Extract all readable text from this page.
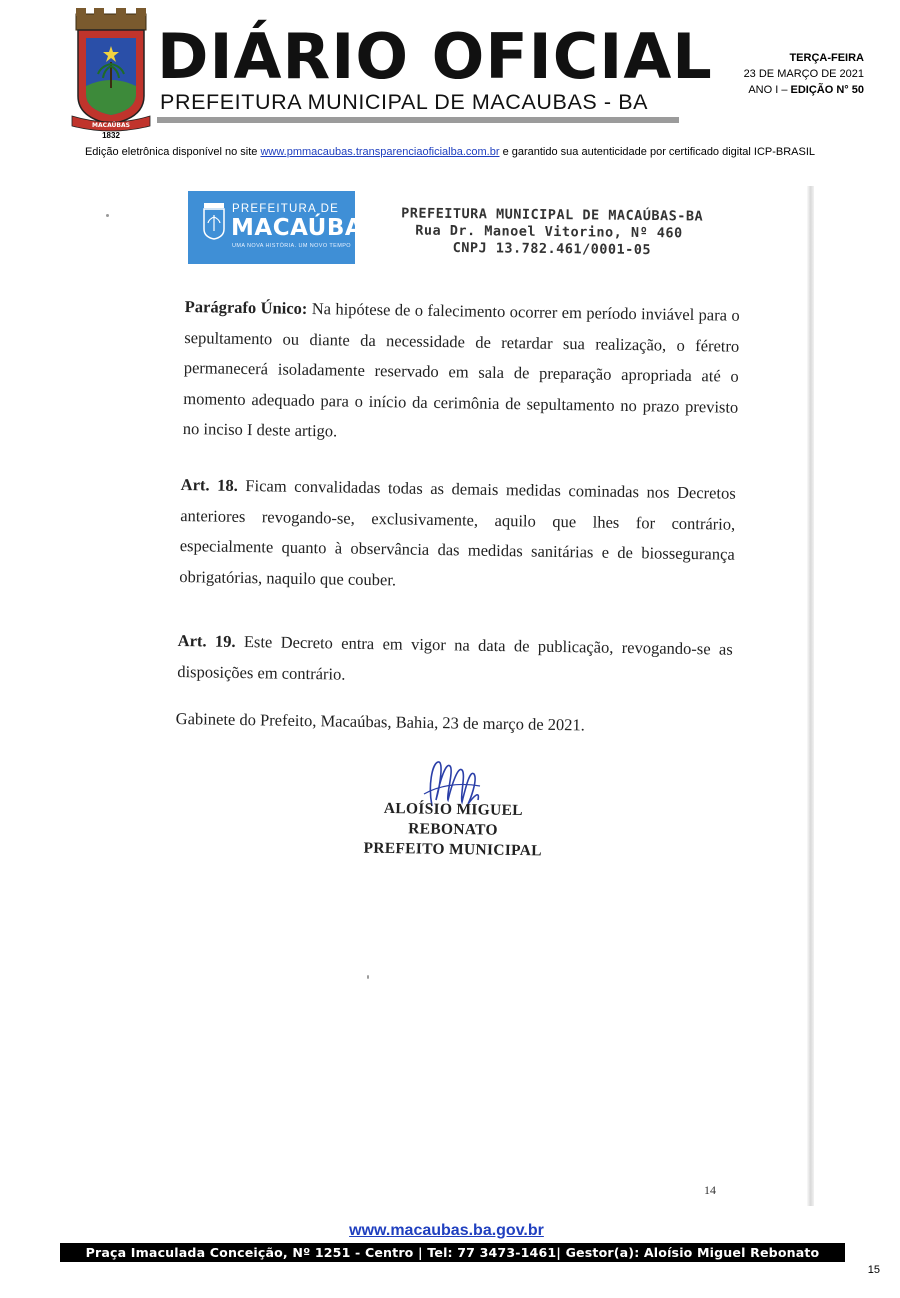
MACAÚBAS
1832
DIÁRIO OFICIAL
PREFEITURA MUNICIPAL DE MACAUBAS - BA
TERÇA-FEIRA
23 DE MARÇO DE 2021
ANO I – EDIÇÃO N° 50
Edição eletrônica disponível no site www.pmmacaubas.transparenciaoficialba.com.br e garantido sua autenticidade por certificado digital ICP-BRASIL
PREFEITURA DE
MACAÚBAS
UMA NOVA HISTÓRIA. UM NOVO TEMPO
PREFEITURA MUNICIPAL DE MACAÚBAS-BA
Rua Dr. Manoel Vitorino, Nº 460
CNPJ 13.782.461/0001-05
Parágrafo Único: Na hipótese de o falecimento ocorrer em período inviável para o sepultamento ou diante da necessidade de retardar sua realização, o féretro permanecerá isoladamente reservado em sala de preparação apropriada até o momento adequado para o início da cerimônia de sepultamento no prazo previsto no inciso I deste artigo.
Art. 18. Ficam convalidadas todas as demais medidas cominadas nos Decretos anteriores revogando-se, exclusivamente, aquilo que lhes for contrário, especialmente quanto à observância das medidas sanitárias e de biossegurança obrigatórias, naquilo que couber.
Art. 19. Este Decreto entra em vigor na data de publicação, revogando-se as disposições em contrário.
Gabinete do Prefeito, Macaúbas, Bahia, 23 de março de 2021.
ALOÍSIO MIGUEL REBONATO
PREFEITO MUNICIPAL
14
www.macaubas.ba.gov.br
Praça Imaculada Conceição, Nº 1251 - Centro | Tel: 77 3473-1461| Gestor(a): Aloísio Miguel Rebonato
15
